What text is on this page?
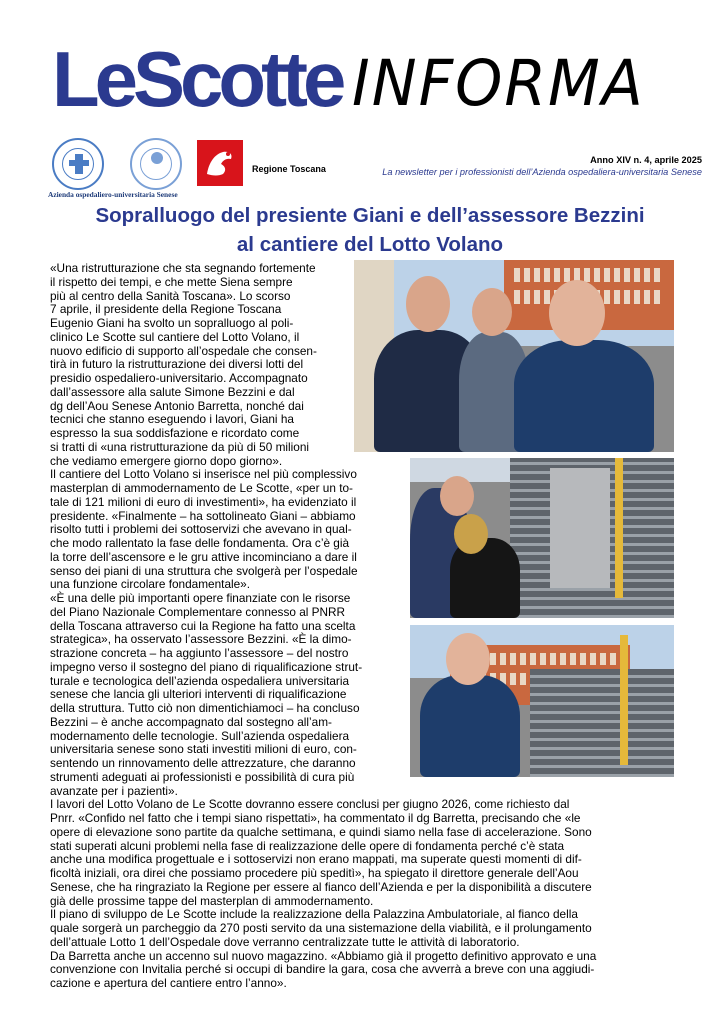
LeScotte INFORMA
Azienda ospedaliero-universitaria Senese
Regione Toscana
Anno XIV n. 4, aprile 2025
La newsletter per i professionisti dell’Azienda ospedaliera-universitaria Senese
Sopralluogo del presiente Giani e dell’assessore Bezzini
al cantiere del Lotto Volano

«Una ristrutturazione che sta segnando fortemente

il rispetto dei tempi, e che mette Siena sempre

più al centro della Sanità Toscana». Lo scorso

7 aprile, il presidente della Regione Toscana

Eugenio Giani ha svolto un sopralluogo al poli-

clinico Le Scotte sul cantiere del Lotto Volano, il

nuovo edificio di supporto all’ospedale che consen-

tirà in futuro la ristrutturazione dei diversi lotti del

presidio ospedaliero-universitario. Accompagnato

dall’assessore alla salute Simone Bezzini e dal

dg dell’Aou Senese Antonio Barretta, nonché dai

tecnici che stanno eseguendo i lavori, Giani ha

espresso la sua soddisfazione e ricordato come

si tratti di «una ristrutturazione da più di 50 milioni

che vediamo emergere giorno dopo giorno».

Il cantiere del Lotto Volano si inserisce nel più complessivo

masterplan di ammodernamento de Le Scotte, «per un to-

tale di 121 milioni di euro di investimenti», ha evidenziato il

presidente. «Finalmente – ha sottolineato Giani – abbiamo

risolto tutti i problemi dei sottoservizi che avevano in qual-

che modo rallentato la fase delle fondamenta. Ora c’è già

la torre dell’ascensore e le gru attive incominciano a dare il

senso dei piani di una struttura che svolgerà per l’ospedale

una funzione circolare fondamentale».

«È una delle più importanti opere finanziate con le risorse

del Piano Nazionale Complementare connesso al PNRR

della Toscana attraverso cui la Regione ha fatto una scelta

strategica», ha osservato l’assessore Bezzini. «È la dimo-

strazione concreta – ha aggiunto l’assessore – del nostro

impegno verso il sostegno del piano di riqualificazione strut-

turale e tecnologica dell’azienda ospedaliera universitaria

senese che lancia gli ulteriori interventi di riqualificazione

della struttura. Tutto ciò non dimentichiamoci – ha concluso

Bezzini – è anche accompagnato dal sostegno all’am-

modernamento delle tecnologie. Sull’azienda ospedaliera

universitaria senese sono stati investiti milioni di euro, con-

sentendo un rinnovamento delle attrezzature, che daranno

strumenti adeguati ai professionisti e possibilità di cura più

avanzate per i pazienti».

I lavori del Lotto Volano de Le Scotte dovranno essere conclusi per giugno 2026, come richiesto dal

Pnrr. «Confido nel fatto che i tempi siano rispettati», ha commentato il dg Barretta, precisando che «le

opere di elevazione sono partite da qualche settimana, e quindi siamo nella fase di accelerazione. Sono

stati superati alcuni problemi nella fase di realizzazione delle opere di fondamenta perché c’è stata

anche una modifica progettuale e i sottoservizi non erano mappati, ma superate questi momenti di dif-

ficoltà iniziali, ora direi che possiamo procedere più speditì», ha spiegato il direttore generale dell’Aou

Senese, che ha ringraziato la Regione per essere al fianco dell’Azienda e per la disponibilità a discutere

già delle prossime tappe del masterplan di ammodernamento.

Il piano di sviluppo de Le Scotte include la realizzazione della Palazzina Ambulatoriale, al fianco della

quale sorgerà un parcheggio da 270 posti servito da una sistemazione della viabilità, e il prolungamento

dell’attuale Lotto 1 dell’Ospedale dove verranno centralizzate tutte le attività di laboratorio.

Da Barretta anche un accenno sul nuovo magazzino. «Abbiamo già il progetto definitivo approvato e una

convenzione con Invitalia perché si occupi di bandire la gara, cosa che avverrà a breve con una aggiudi-

cazione e apertura del cantiere entro l’anno».
